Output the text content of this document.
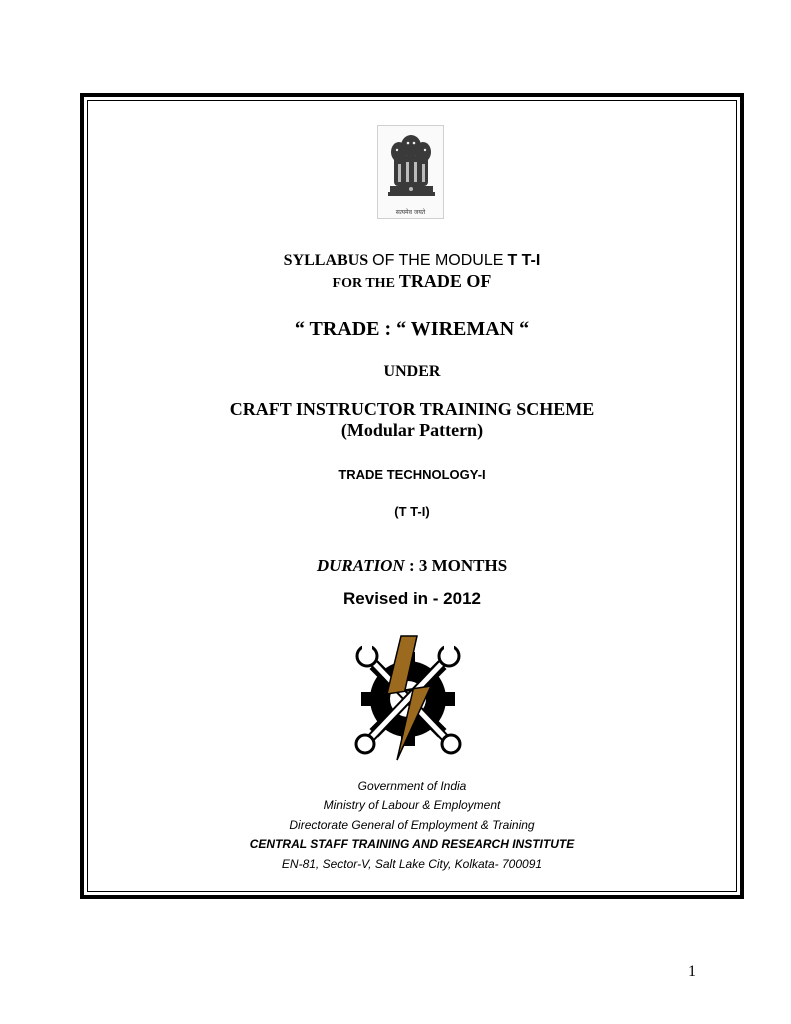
सत्यमेव जयते
SYLLABUS OF THE MODULE T T-I
FOR THE TRADE OF
“ TRADE : “ WIREMAN “
UNDER
CRAFT INSTRUCTOR TRAINING SCHEME
(Modular Pattern)
TRADE TECHNOLOGY-I
(T T-I)
DURATION : 3 MONTHS
Revised in - 2012
Government of India
Ministry of Labour & Employment
Directorate General of Employment & Training
CENTRAL STAFF TRAINING AND RESEARCH INSTITUTE
EN-81, Sector-V, Salt Lake City, Kolkata- 700091
1
